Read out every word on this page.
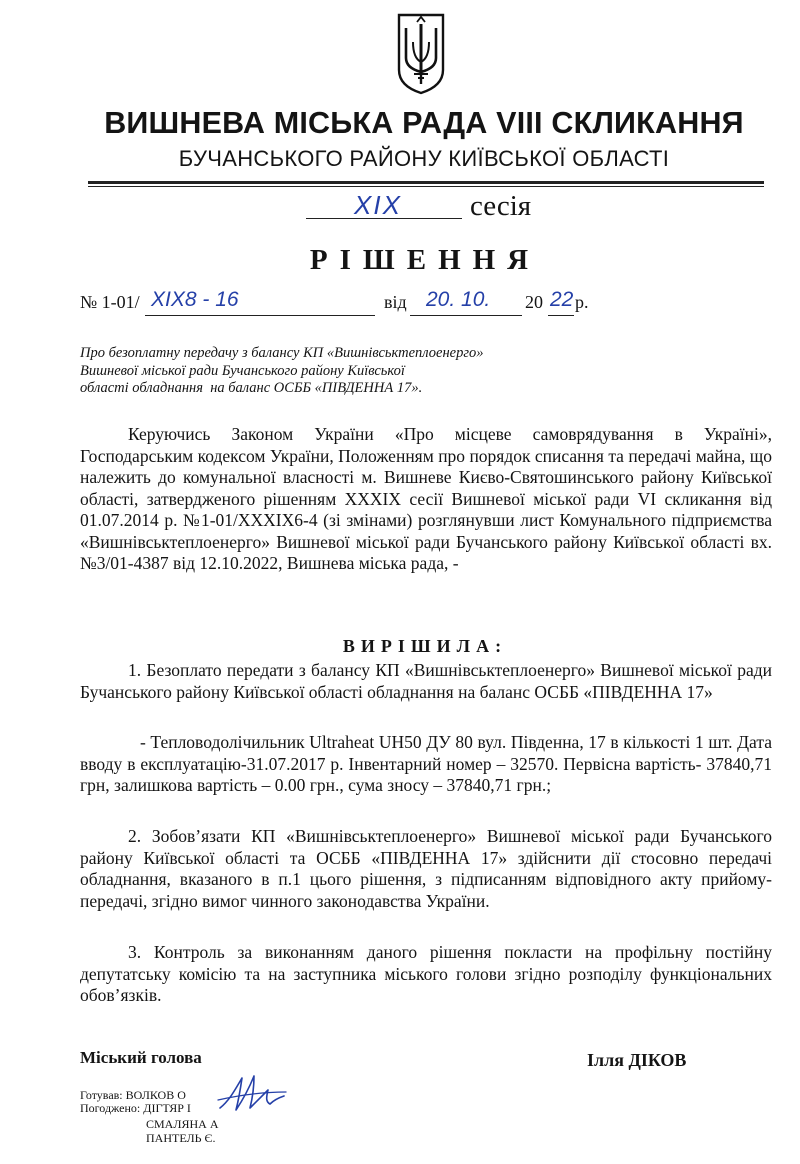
ВИШНЕВА МІСЬКА РАДА VIII СКЛИКАННЯ
БУЧАНСЬКОГО РАЙОНУ КИЇВСЬКОЇ ОБЛАСТІ
XIX сесія
РІШЕННЯ
№ 1-01/ XIX8 - 16	від 20. 10. 20 22 р.
Про безоплатну передачу з балансу КП «Вишнівськтеплоенерго»
Вишневої міської ради Бучанського району Київської
області обладнання  на баланс ОСББ «ПІВДЕННА 17».
Керуючись Законом України «Про місцеве самоврядування в Україні», Господарським кодексом України, Положенням про порядок списання та передачі майна, що належить до комунальної власності м. Вишневе Києво-Святошинського району Київської області, затвердженого рішенням XXXIX сесії Вишневої міської ради VI скликання від 01.07.2014 р. №1-01/XXXIX6-4 (зі змінами) розглянувши лист Комунального підприємства «Вишнівськтеплоенерго» Вишневої міської ради Бучанського району Київської області вх. №3/01-4387 від 12.10.2022, Вишнева міська рада, -
ВИРІШИЛА:
1. Безоплато передати з балансу КП «Вишнівськтеплоенерго» Вишневої міської ради Бучанського району Київської області обладнання на баланс ОСББ «ПІВДЕННА 17»
- Тепловодолічильник Ultraheat UH50 ДУ 80 вул. Південна, 17 в кількості 1 шт. Дата вводу в експлуатацію-31.07.2017 р. Інвентарний номер – 32570. Первісна вартість- 37840,71 грн, залишкова вартість – 0.00 грн., сума зносу – 37840,71 грн.;
2. Зобов’язати КП «Вишнівськтеплоенерго» Вишневої міської ради Бучанського району Київської області та ОСББ «ПІВДЕННА 17» здійснити дії стосовно передачі обладнання, вказаного в п.1 цього рішення, з підписанням відповідного акту прийому-передачі, згідно вимог чинного законодавства України.
3. Контроль за виконанням даного рішення покласти на профільну постійну депутатську комісію та на заступника міського голови згідно розподілу функціональних обов’язків.
Міський голова	Ілля ДІКОВ
Готував: ВОЛКОВ О
Погоджено: ДІГТЯР І
СМАЛЯНА А
ПАНТЕЛЬ Є.
